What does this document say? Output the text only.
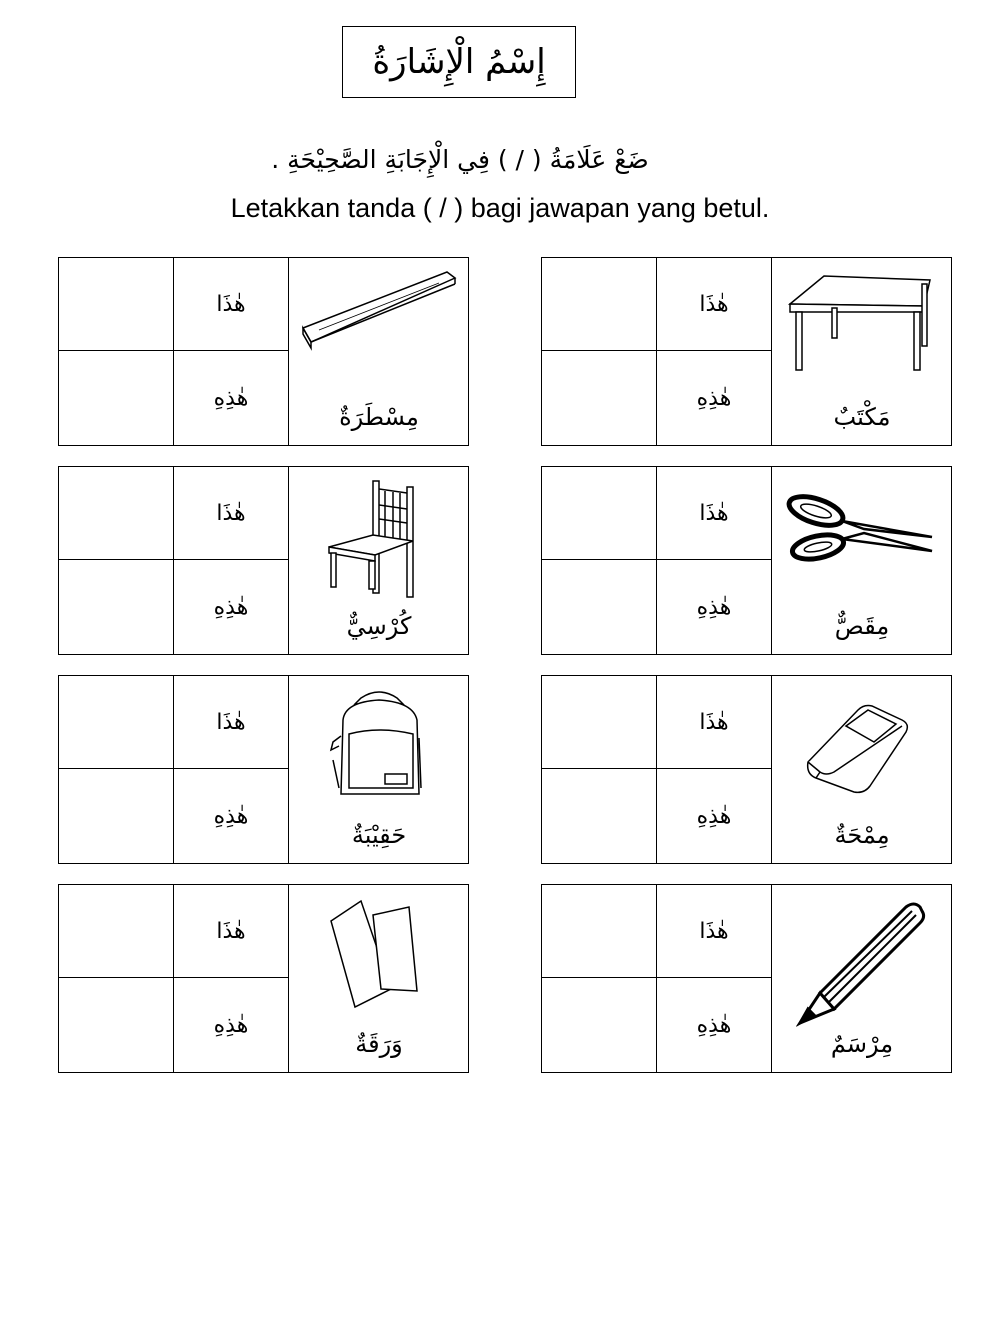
إِسْمُ الْإِشَارَةُ
ضَعْ عَلَامَةُ ( / ) فِي الْإِجَابَةِ الصَّحِيْحَةِ .
Letakkan tanda ( / ) bagi jawapan yang betul.
هٰذَا
هٰذِهِ
مِسْطَرَةٌ
هٰذَا
هٰذِهِ
مَكْتَبٌ
هٰذَا
هٰذِهِ
كُرْسِيٌّ
هٰذَا
هٰذِهِ
مِقَصٌّ
هٰذَا
هٰذِهِ
حَقِيْبَةٌ
هٰذَا
هٰذِهِ
مِمْحَةٌ
هٰذَا
هٰذِهِ
وَرَقَةٌ
هٰذَا
هٰذِهِ
مِرْسَمٌ
